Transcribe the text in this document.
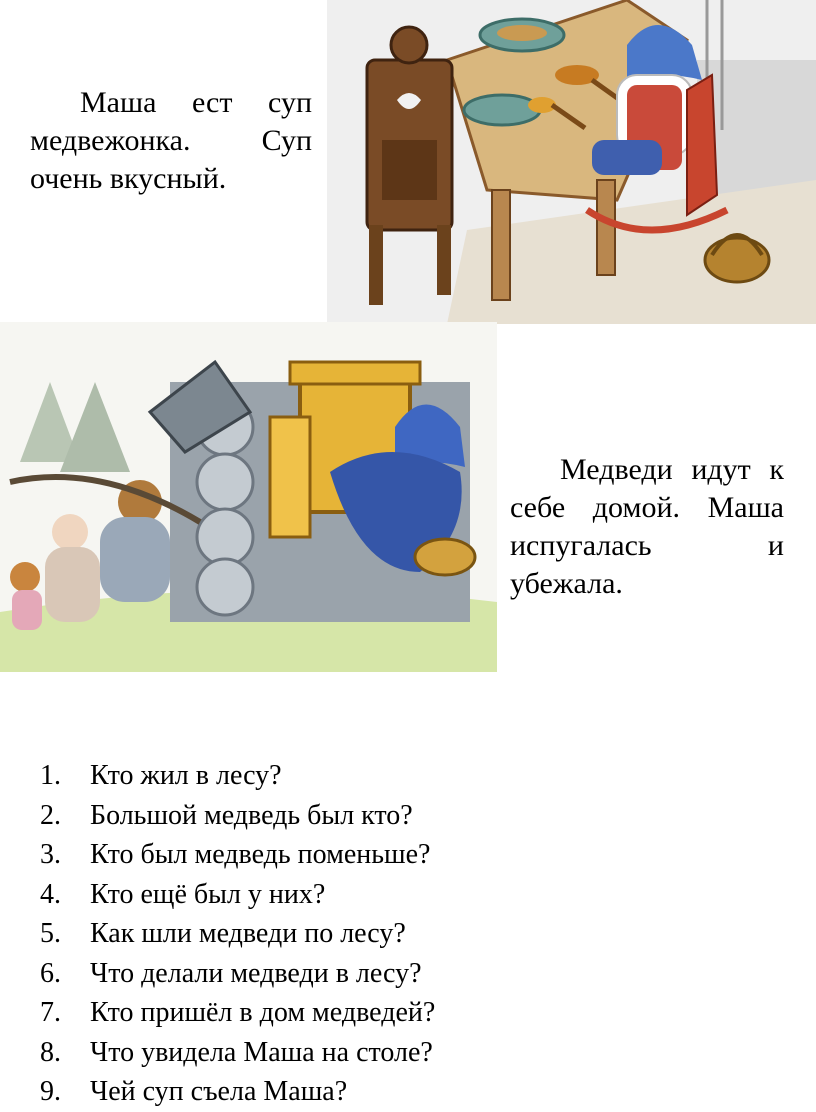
Маша ест суп медвежонка. Суп очень вкусный.

Медведи идут к себе домой. Маша испугалась и убежала.

1. Кто жил в лесу?
2. Большой медведь был кто?
3. Кто был медведь поменьше?
4. Кто ещё был у них?
5. Как шли медведи по лесу?
6. Что делали медведи в лесу?
7. Кто пришёл в дом медведей?
8. Что увидела Маша на столе?
9. Чей суп съела Маша?
